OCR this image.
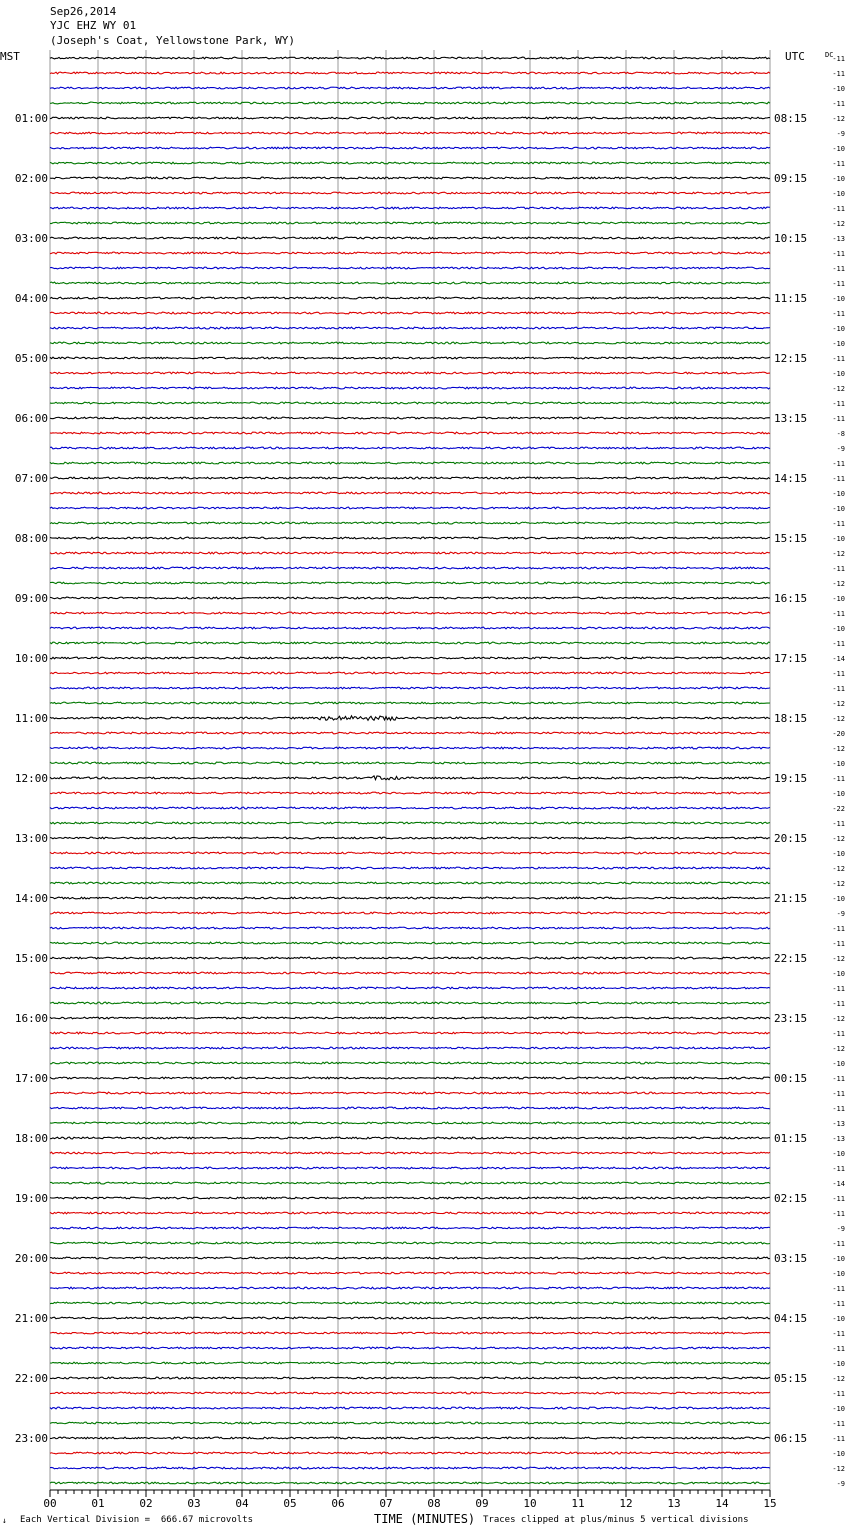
-11
-11
-10
-11
-12
-9
-10
-11
-10
-10
-11
-12
-13
-11
-11
-11
-10
-11
-10
-10
-11
-10
-12
-11
-11
-8
-9
-11
-11
-10
-10
-11
-10
-12
-11
-12
-10
-11
-10
-11
-14
-11
-11
-12
-12
-20
-12
-10
-11
-10
-22
-11
-12
-10
-12
-12
-10
-9
-11
-11
-12
-10
-11
-11
-12
-11
-12
-10
-11
-11
-11
-13
-13
-10
-11
-14
-11
-11
-9
-11
-10
-10
-11
-11
-10
-11
-11
-10
-12
-11
-10
-11
-11
-10
-12
-9
01:00
02:00
03:00
04:00
05:00
06:00
07:00
08:00
09:00
10:00
11:00
12:00
13:00
14:00
15:00
16:00
17:00
18:00
19:00
20:00
21:00
22:00
23:00
08:15
09:15
10:15
11:15
12:15
13:15
14:15
15:15
16:15
17:15
18:15
19:15
20:15
21:15
22:15
23:15
00:15
01:15
02:15
03:15
04:15
05:15
06:15
00	01	02	03	04	05	06	07	08	09	10	11	12	13	14	15
Sep26,2014
YJC EHZ WY 01
(Joseph's Coat, Yellowstone Park, WY)
MST	UTC	DC
↓ Each Vertical Division =  666.67 microvolts	TIME (MINUTES) Traces clipped at plus/minus 5 vertical divisions
